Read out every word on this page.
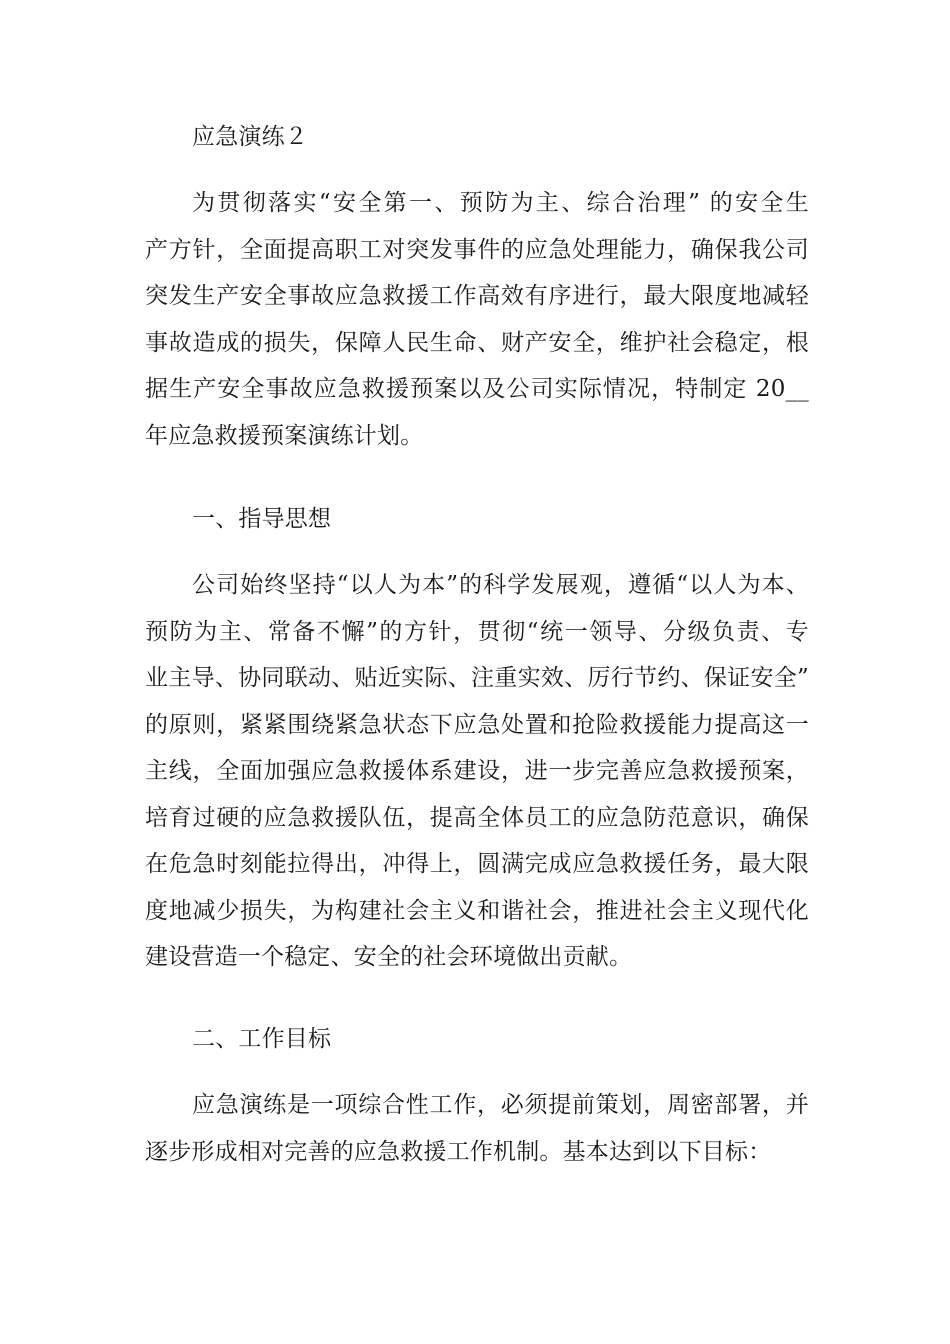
应急演练２
为贯彻落实“安全第一、预防为主、综合治理” 的安全生
产方针，全面提高职工对突发事件的应急处理能力，确保我公司
突发生产安全事故应急救援工作高效有序进行，最大限度地减轻
事故造成的损失，保障人民生命、财产安全，维护社会稳定，根
据生产安全事故应急救援预案以及公司实际情况，特制定 20__
年应急救援预案演练计划。
一、指导思想
公司始终坚持“以人为本”的科学发展观，遵循“以人为本、
预防为主、常备不懈”的方针，贯彻“统一领导、分级负责、专
业主导、协同联动、贴近实际、注重实效、厉行节约、保证安全”
的原则，紧紧围绕紧急状态下应急处置和抢险救援能力提高这一
主线，全面加强应急救援体系建设，进一步完善应急救援预案，
培育过硬的应急救援队伍，提高全体员工的应急防范意识，确保
在危急时刻能拉得出，冲得上，圆满完成应急救援任务，最大限
度地减少损失，为构建社会主义和谐社会，推进社会主义现代化
建设营造一个稳定、安全的社会环境做出贡献。
二、工作目标
应急演练是一项综合性工作，必须提前策划，周密部署，并
逐步形成相对完善的应急救援工作机制。基本达到以下目标：
